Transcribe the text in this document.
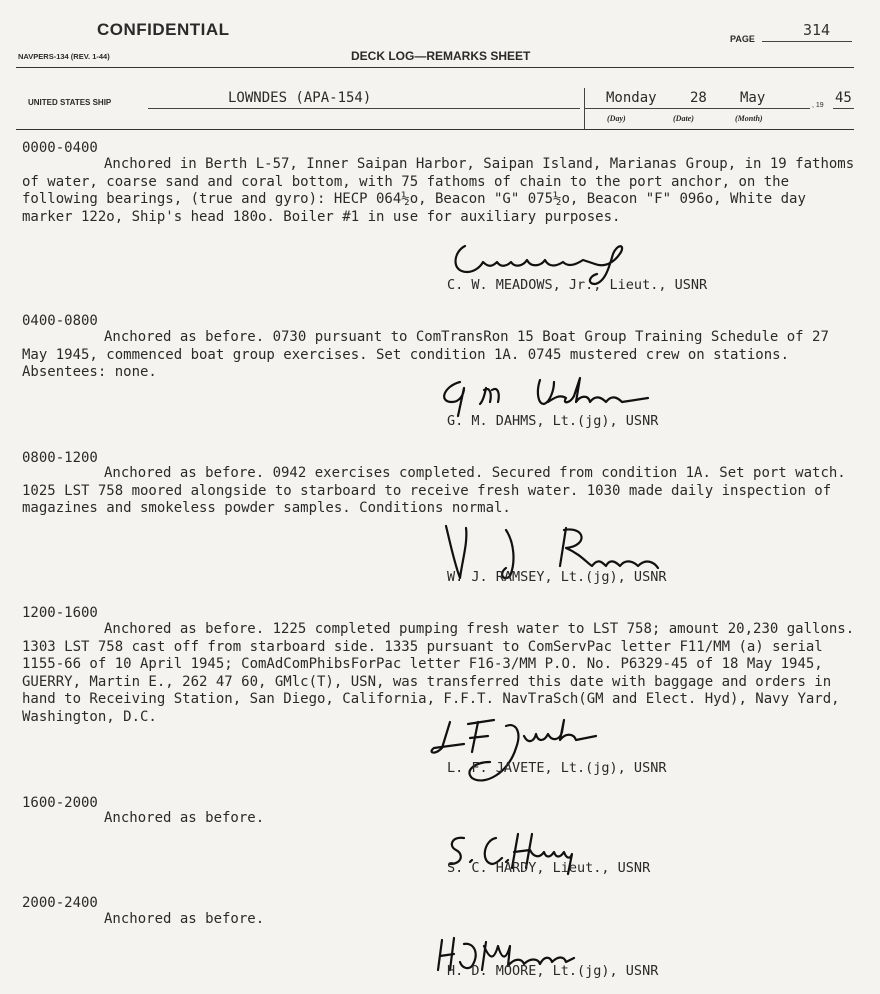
CONFIDENTIAL	PAGE	314
NAVPERS-134 (REV. 1-44)	DECK LOG—REMARKS SHEET
UNITED STATES SHIP	LOWNDES (APA-154)	Monday 28 May	, 19 45
(Day)	(Date)	(Month)
0000-0400
Anchored in Berth L-57, Inner Saipan Harbor, Saipan Island, Marianas Group, in 19 fathoms of water, coarse sand and coral bottom, with 75 fathoms of chain to the port anchor, on the following bearings, (true and gyro): HECP 064½o, Beacon "G" 075½o, Beacon "F" 096o, White day marker 122o, Ship's head 180o. Boiler #1 in use for auxiliary purposes.
C. W. MEADOWS, Jr., Lieut., USNR
0400-0800
Anchored as before. 0730 pursuant to ComTransRon 15 Boat Group Training Schedule of 27 May 1945, commenced boat group exercises. Set condition 1A. 0745 mustered crew on stations. Absentees: none.
G. M. DAHMS, Lt.(jg), USNR
0800-1200
Anchored as before. 0942 exercises completed. Secured from condition 1A. Set port watch. 1025 LST 758 moored alongside to starboard to receive fresh water. 1030 made daily inspection of magazines and smokeless powder samples. Conditions normal.
W. J. RAMSEY, Lt.(jg), USNR
1200-1600
Anchored as before. 1225 completed pumping fresh water to LST 758; amount 20,230 gallons. 1303 LST 758 cast off from starboard side. 1335 pursuant to ComServPac letter F11/MM (a) serial 1155-66 of 10 April 1945; ComAdComPhibsForPac letter F16-3/MM P.O. No. P6329-45 of 18 May 1945, GUERRY, Martin E., 262 47 60, GMlc(T), USN, was transferred this date with baggage and orders in hand to Receiving Station, San Diego, California, F.F.T. NavTraSch(GM and Elect. Hyd), Navy Yard, Washington, D.C.
L. F. JAVETE, Lt.(jg), USNR
1600-2000
Anchored as before.
S. C. HARDY, Lieut., USNR
2000-2400
Anchored as before.
H. D. MOORE, Lt.(jg), USNR
